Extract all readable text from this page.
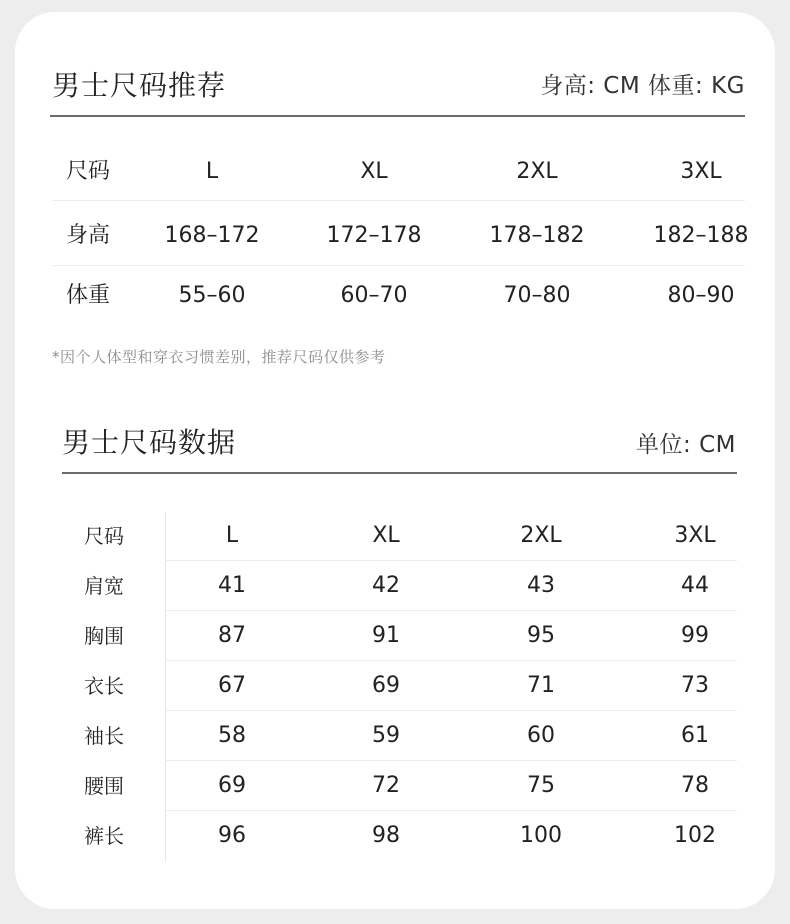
男士尺码推荐	身高: CM 体重: KG
尺码	L	XL	2XL	3XL
身高	168–172	172–178	178–182	182–188
体重	55–60	60–70	70–80	80–90
*因个人体型和穿衣习惯差别，推荐尺码仅供参考
男士尺码数据	单位: CM
尺码	L	XL	2XL	3XL
肩宽	41	42	43	44
胸围	87	91	95	99
衣长	67	69	71	73
袖长	58	59	60	61
腰围	69	72	75	78
裤长	96	98	100	102
